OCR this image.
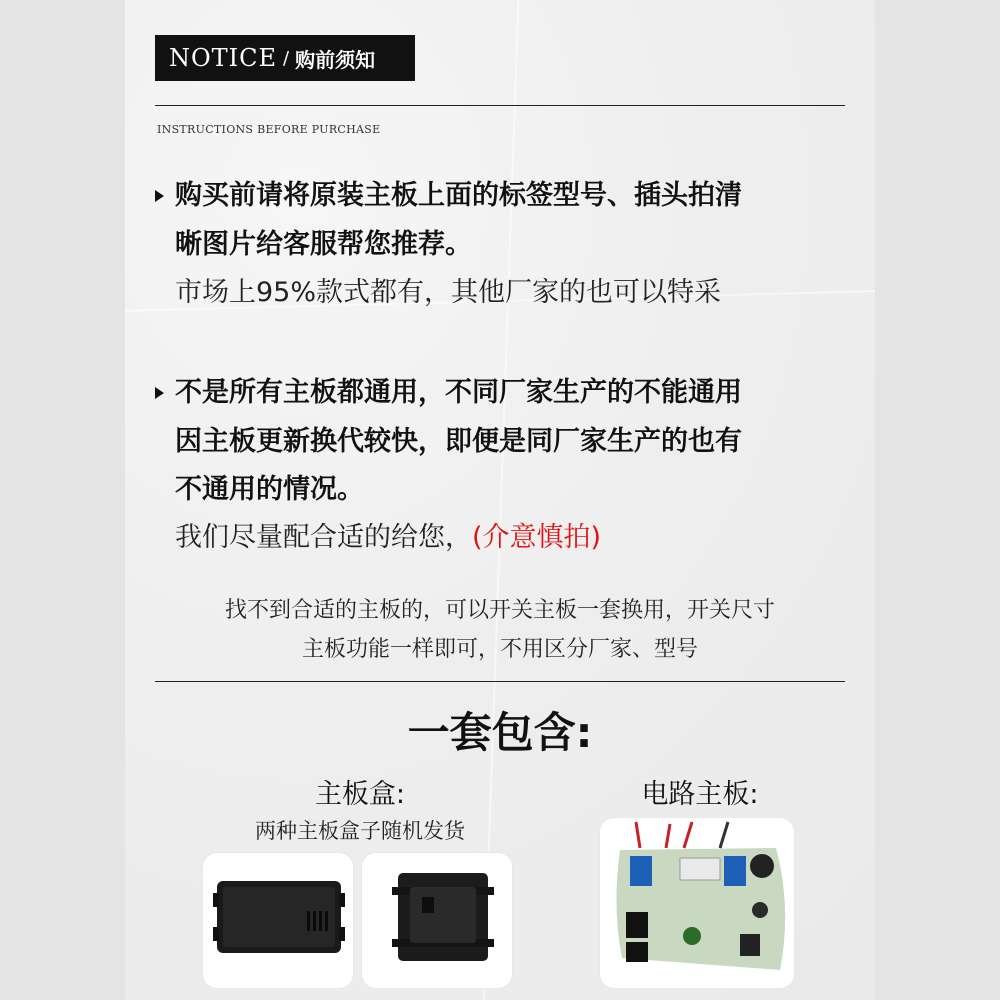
NOTICE / 购前须知
INSTRUCTIONS BEFORE PURCHASE
购买前请将原装主板上面的标签型号、插头拍清
晰图片给客服帮您推荐。
市场上95%款式都有，其他厂家的也可以特采
不是所有主板都通用，不同厂家生产的不能通用
因主板更新换代较快，即便是同厂家生产的也有
不通用的情况。
我们尽量配合适的给您，(介意慎拍)
找不到合适的主板的，可以开关主板一套换用，开关尺寸
主板功能一样即可，不用区分厂家、型号
一套包含:
主板盒:
两种主板盒子随机发货
电路主板:
